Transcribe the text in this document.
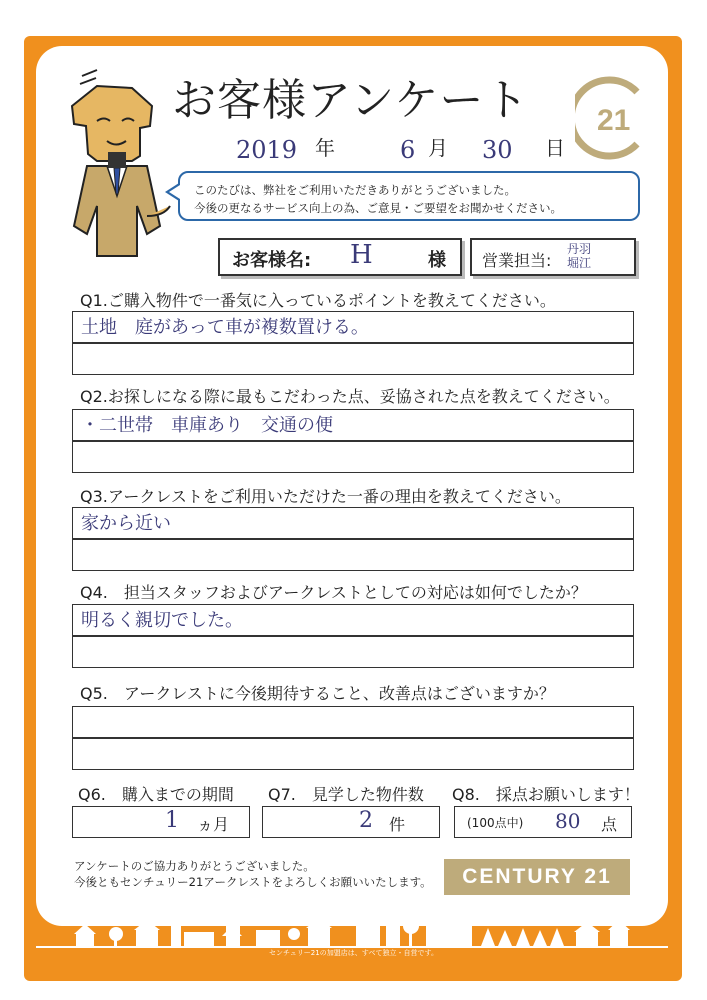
お客様アンケート 21
2019 年	6 月 30 日
このたびは、弊社をご利用いただきありがとうございました。
今後の更なるサービス向上の為、ご意見・ご要望をお聞かせください。
お客様名: H	様 営業担当:
丹羽
堀江
Q1.ご購入物件で一番気に入っているポイントを教えてください。
土地　庭があって車が複数置ける。
Q2.お探しになる際に最もこだわった点、妥協された点を教えてください。
・二世帯　車庫あり　交通の便
Q3.アークレストをご利用いただけた一番の理由を教えてください。
家から近い
Q4.　担当スタッフおよびアークレストとしての対応は如何でしたか？
明るく親切でした。
Q5.　アークレストに今後期待すること、改善点はございますか？
Q6.　購入までの期間 Q7.　見学した物件数 Q8.　採点お願いします！
1 ヵ月	2 件	(100点中) 80 点
アンケートのご協力ありがとうございました。
今後ともセンチュリー21アークレストをよろしくお願いいたします。	CENTURY 21
センチュリー21の加盟店は、すべて独立・自営です。
